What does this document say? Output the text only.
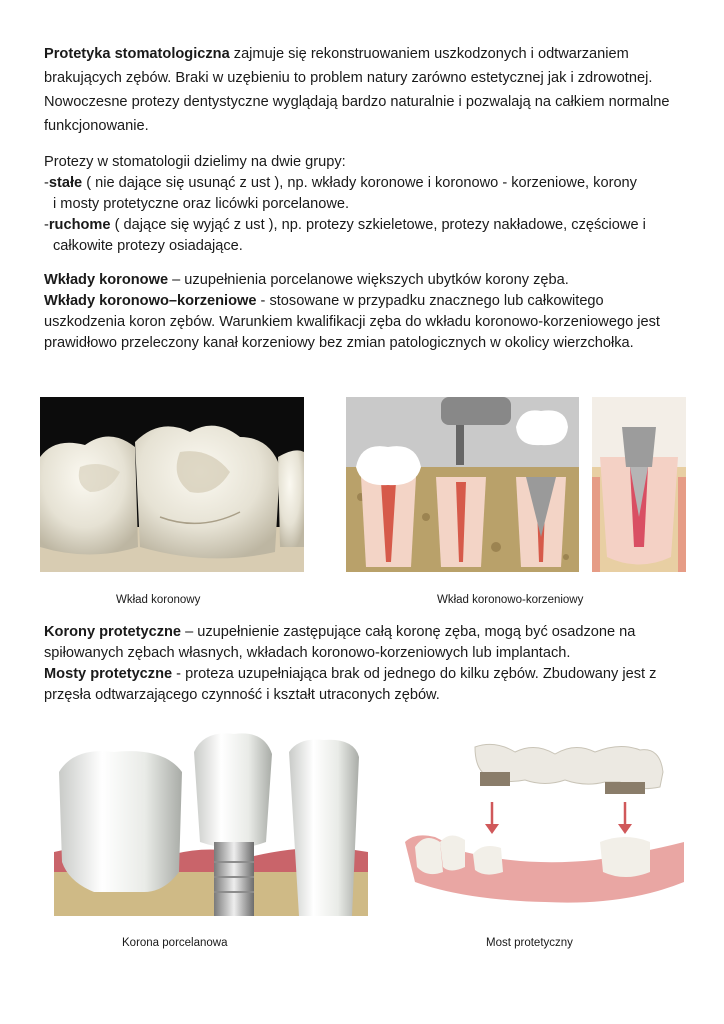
Protetyka stomatologiczna zajmuje się rekonstruowaniem uszkodzonych i odtwarzaniem brakujących zębów. Braki w uzębieniu to problem natury zarówno estetycznej jak i zdrowotnej. Nowoczesne protezy dentystyczne wyglądają bardzo naturalnie i pozwalają na całkiem normalne funkcjonowanie.

Protezy w stomatologii dzielimy na dwie grupy:
-stałe ( nie dające się usunąć z ust ), np. wkłady koronowe i koronowo - korzeniowe, korony
i mosty protetyczne oraz licówki porcelanowe.
-ruchome ( dające się wyjąć z ust ), np. protezy szkieletowe, protezy nakładowe, częściowe i
całkowite protezy osiadające.

Wkłady koronowe – uzupełnienia porcelanowe większych ubytków korony zęba.
Wkłady koronowo–korzeniowe - stosowane w przypadku znacznego lub całkowitego uszkodzenia koron zębów. Warunkiem kwalifikacji zęba do wkładu koronowo-korzeniowego jest prawidłowo przeleczony kanał korzeniowy bez zmian patologicznych w okolicy wierzchołka.

Wkład koronowy	Wkład koronowo-korzeniowy

Korony protetyczne – uzupełnienie zastępujące całą koronę zęba, mogą być osadzone na spiłowanych zębach własnych, wkładach koronowo-korzeniowych lub implantach.
Mosty protetyczne - proteza uzupełniająca brak od jednego do kilku zębów. Zbudowany jest z przęsła odtwarzającego czynność i kształt utraconych zębów.

Korona porcelanowa	Most protetyczny
